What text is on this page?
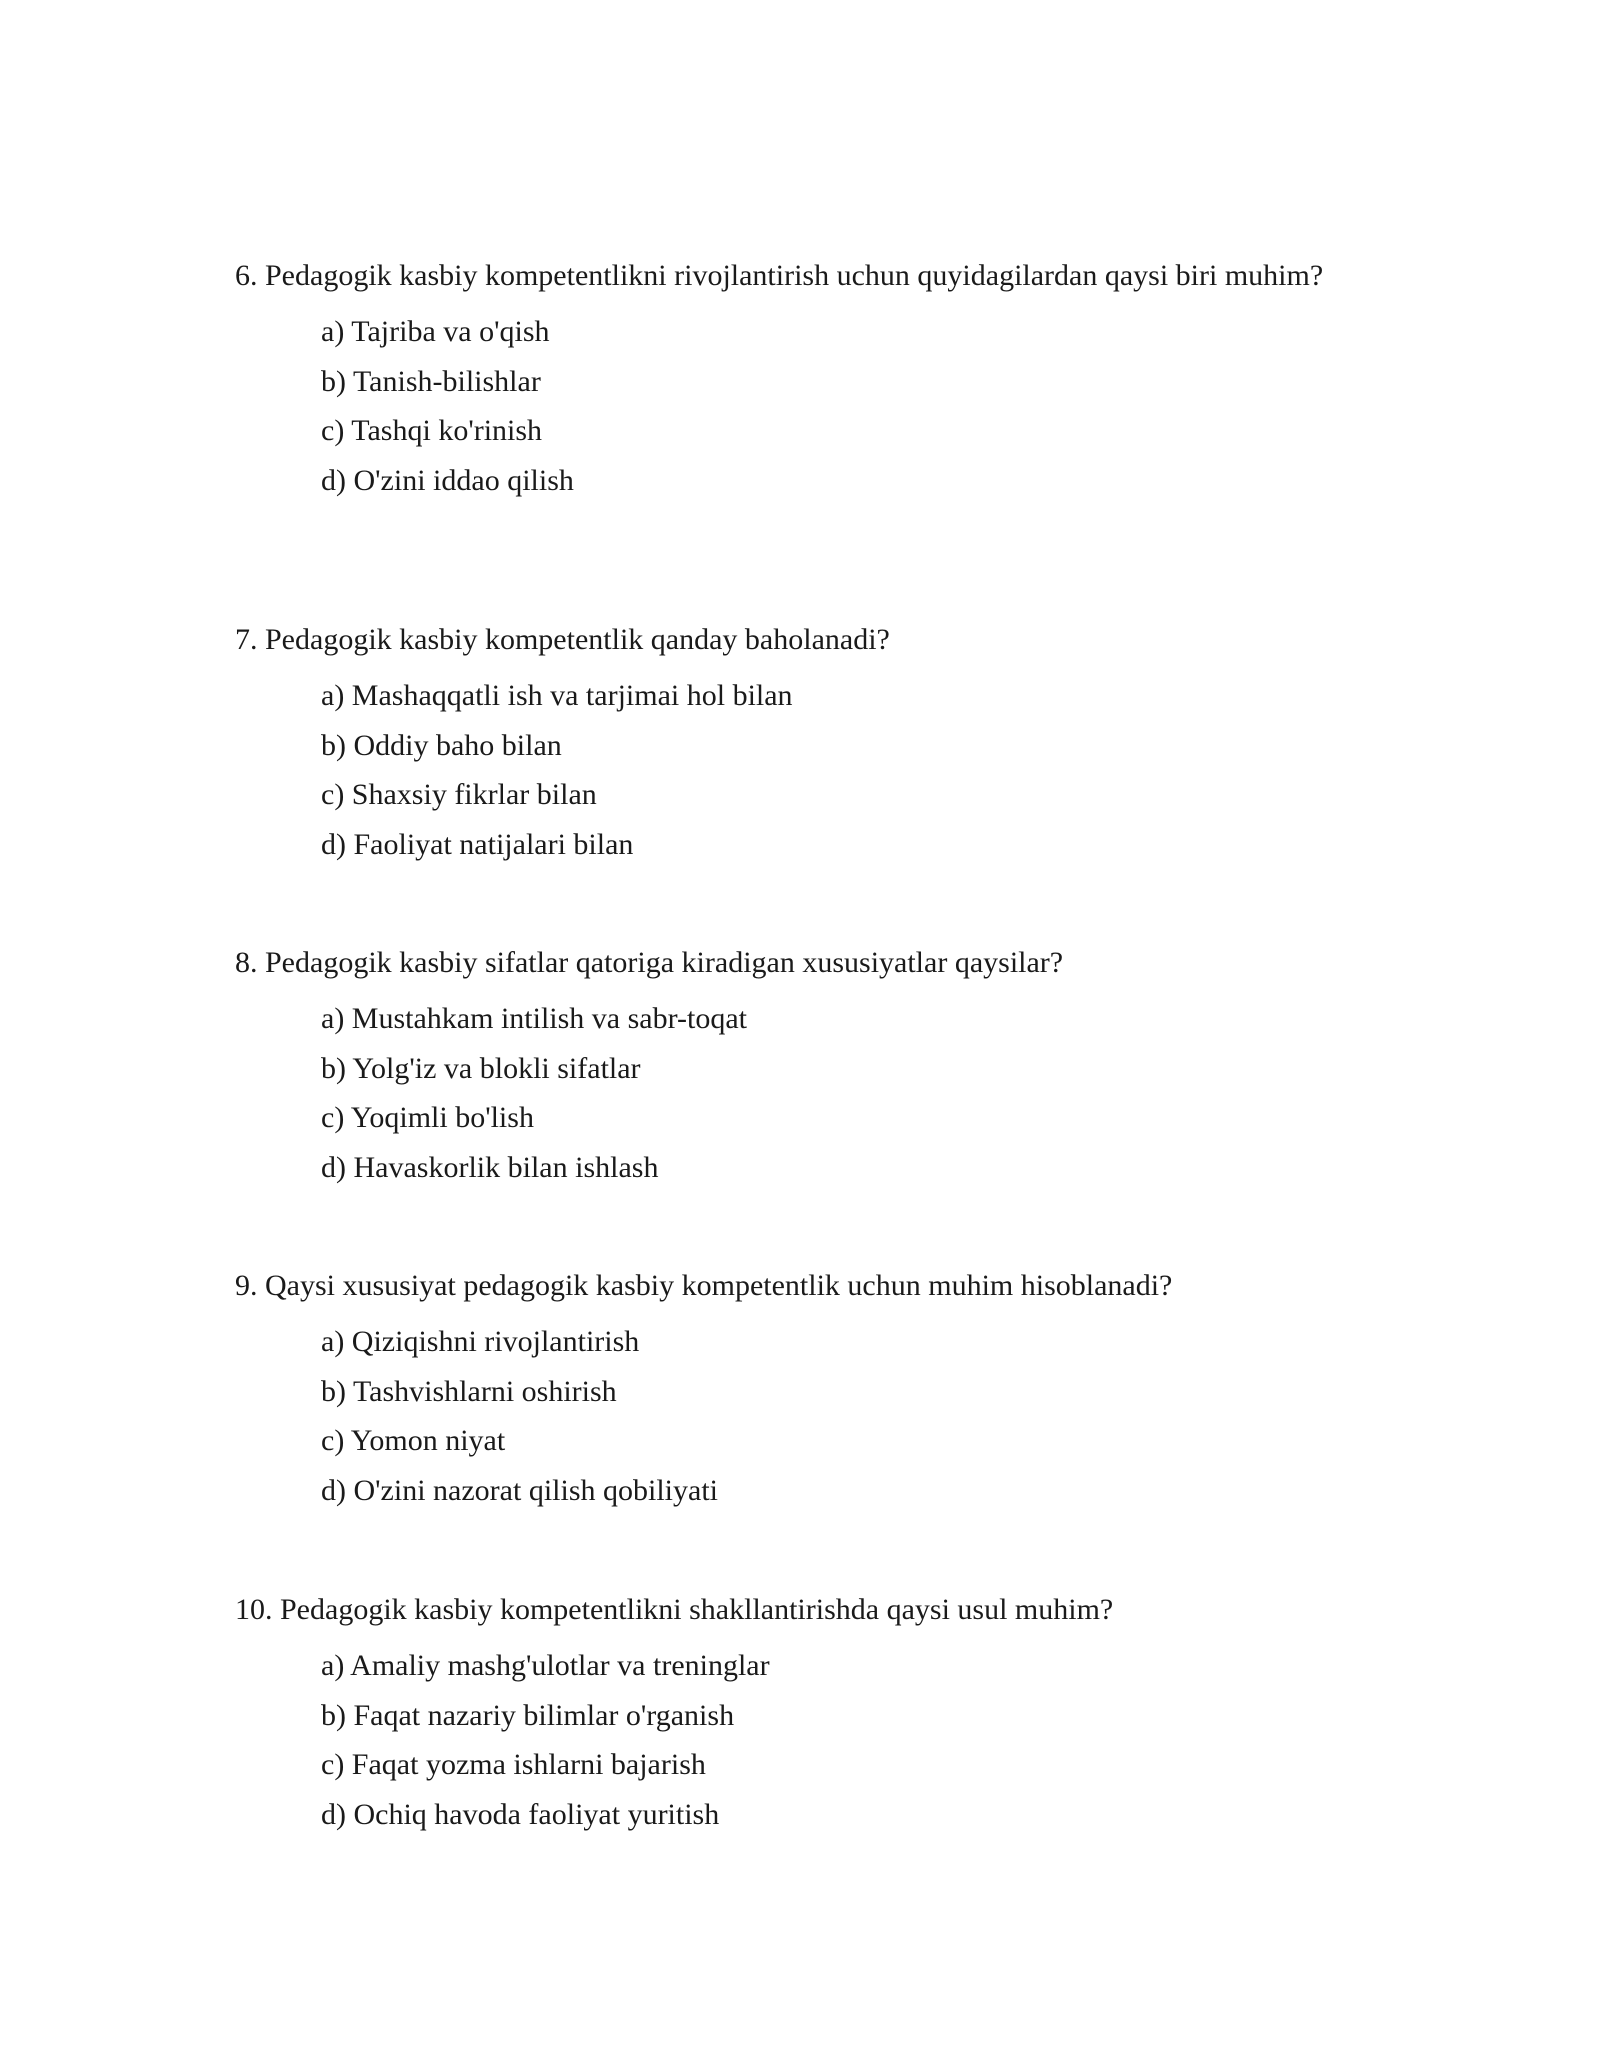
6. Pedagogik kasbiy kompetentlikni rivojlantirish uchun quyidagilardan qaysi biri muhim?

a) Tajriba va o'qish
b) Tanish-bilishlar
c) Tashqi ko'rinish
d) O'zini iddao qilish

7. Pedagogik kasbiy kompetentlik qanday baholanadi?

a) Mashaqqatli ish va tarjimai hol bilan
b) Oddiy baho bilan
c) Shaxsiy fikrlar bilan
d) Faoliyat natijalari bilan

8. Pedagogik kasbiy sifatlar qatoriga kiradigan xususiyatlar qaysilar?

a) Mustahkam intilish va sabr-toqat
b) Yolg'iz va blokli sifatlar
c) Yoqimli bo'lish
d) Havaskorlik bilan ishlash

9. Qaysi xususiyat pedagogik kasbiy kompetentlik uchun muhim hisoblanadi?

a) Qiziqishni rivojlantirish
b) Tashvishlarni oshirish
c) Yomon niyat
d) O'zini nazorat qilish qobiliyati

10. Pedagogik kasbiy kompetentlikni shakllantirishda qaysi usul muhim?

a) Amaliy mashg'ulotlar va treninglar
b) Faqat nazariy bilimlar o'rganish
c) Faqat yozma ishlarni bajarish
d) Ochiq havoda faoliyat yuritish
